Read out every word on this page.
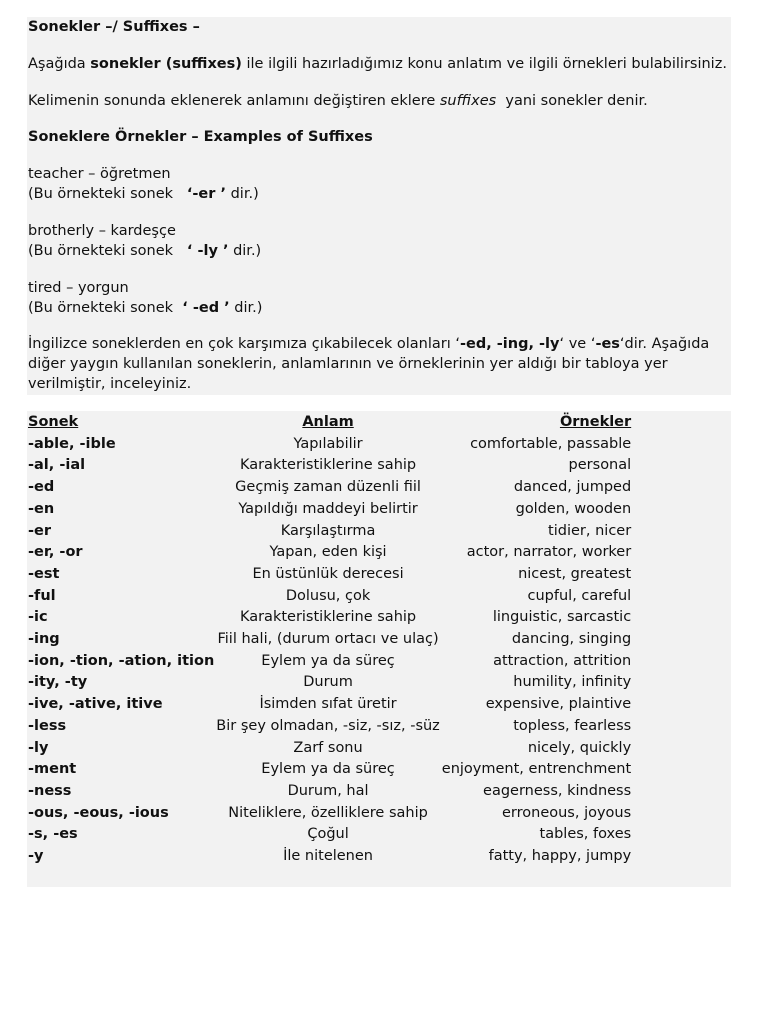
Sonekler –/ Suffixes –
Aşağıda sonekler (suffixes) ile ilgili hazırladığımız konu anlatım ve ilgili örnekleri bulabilirsiniz.
Kelimenin sonunda eklenerek anlamını değiştiren eklere suffixes  yani sonekler denir.
Soneklere Örnekler – Examples of Suffixes
teacher – öğretmen
(Bu örnekteki sonek   ‘-er ’ dir.)
brotherly – kardeşçe
(Bu örnekteki sonek   ‘ -ly ’ dir.)
tired – yorgun
(Bu örnekteki sonek  ‘ -ed ’ dir.)
İngilizce soneklerden en çok karşımıza çıkabilecek olanları ‘-ed, -ing, -ly‘ ve ‘-es‘dir. Aşağıda diğer yaygın kullanılan soneklerin, anlamlarının ve örneklerinin yer aldığı bir tabloya yer verilmiştir, inceleyiniz.
Sonek	Anlam	Örnekler
-able, -ible	Yapılabilir	comfortable, passable
-al, -ial	Karakteristiklerine sahip	personal
-ed	Geçmiş zaman düzenli fiil	danced, jumped
-en	Yapıldığı maddeyi belirtir	golden, wooden
-er	Karşılaştırma	tidier, nicer
-er, -or	Yapan, eden kişi	actor, narrator, worker
-est	En üstünlük derecesi	nicest, greatest
-ful	Dolusu, çok	cupful, careful
-ic	Karakteristiklerine sahip	linguistic, sarcastic
-ing	Fiil hali, (durum ortacı ve ulaç)	dancing, singing
-ion, -tion, -ation, ition	Eylem ya da süreç	attraction, attrition
-ity, -ty	Durum	humility, infinity
-ive, -ative, itive	İsimden sıfat üretir	expensive, plaintive
-less	Bir şey olmadan, -siz, -sız, -süz	topless, fearless
-ly	Zarf sonu	nicely, quickly
-ment	Eylem ya da süreç	enjoyment, entrenchment
-ness	Durum, hal	eagerness, kindness
-ous, -eous, -ious	Niteliklere, özelliklere sahip	erroneous, joyous
-s, -es	Çoğul	tables, foxes
-y	İle nitelenen	fatty, happy, jumpy
